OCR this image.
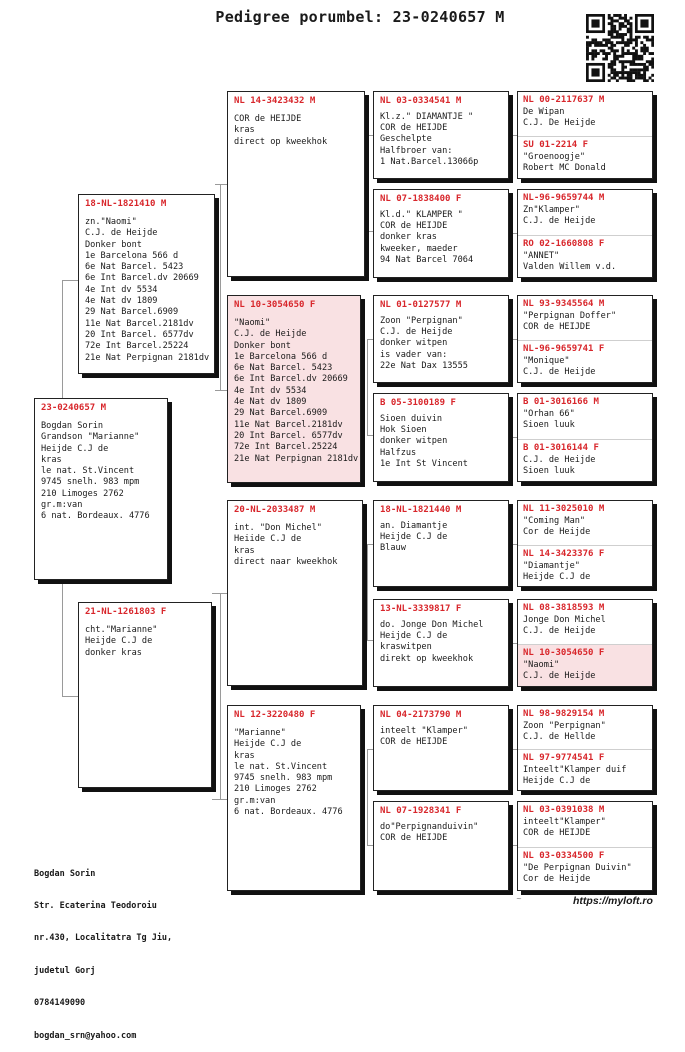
Pedigree porumbel: 23-0240657 M
23-0240657 M
Bogdan Sorin
Grandson "Marianne"
Heijde C.J de
kras
le nat. St.Vincent
9745 snelh. 983 mpm
210 Limoges 2762
gr.m:van
6 nat. Bordeaux. 4776
18-NL-1821410 M
zn."Naomi"
C.J. de Heijde
Donker bont
1e Barcelona 566 d
6e Nat Barcel. 5423
6e Int Barcel.dv 20669
4e Int dv 5534
4e Nat dv 1809
29 Nat Barcel.6909
11e Nat Barcel.2181dv
20 Int Barcel. 6577dv
72e Int Barcel.25224
21e Nat Perpignan 2181dv
21-NL-1261803 F
cht."Marianne"
Heijde C.J de
donker kras
NL 14-3423432 M
COR de HEIJDE
kras
direct op kweekhok
NL 10-3054650 F
"Naomi"
C.J. de Heijde
Donker bont
1e Barcelona 566 d
6e Nat Barcel. 5423
6e Int Barcel.dv 20669
4e Int dv 5534
4e Nat dv 1809
29 Nat Barcel.6909
11e Nat Barcel.2181dv
20 Int Barcel. 6577dv
72e Int Barcel.25224
21e Nat Perpignan 2181dv
20-NL-2033487 M
int. "Don Michel"
Heiide C.J de
kras
direct naar kweekhok
NL 12-3220480 F
"Marianne"
Heijde C.J de
kras
le nat. St.Vincent
9745 snelh. 983 mpm
210 Limoges 2762
gr.m:van
6 nat. Bordeaux. 4776
NL 03-0334541 M
Kl.z." DIAMANTJE "
COR de HEIJDE
Geschelpte
Halfbroer van:
1 Nat.Barcel.13066p
NL 07-1838400 F
Kl.d." KLAMPER "
COR de HEIJDE
donker kras
kweeker, maeder
94 Nat Barcel 7064
NL 01-0127577 M
Zoon "Perpignan"
C.J. de Heijde
donker witpen
is vader van:
22e Nat Dax 13555
B 05-3100189 F
Sioen duivin
Hok Sioen
donker witpen
Halfzus
1e Int St Vincent
18-NL-1821440 M
an. Diamantje
Heijde C.J de
Blauw
13-NL-3339817 F
do. Jonge Don Michel
Heijde C.J de
kraswitpen
direkt op kweekhok
NL 04-2173790 M
inteelt "Klamper"
COR de HEIJDE
NL 07-1928341 F
do"Perpignanduivin"
COR de HEIJDE
NL 00-2117637 M
De Wipan
C.J. De Heijde
SU 01-2214 F
"Groenoogje"
Robert MC Donald
NL-96-9659744 M
Zn"Klamper"
C.J. de Heijde
RO 02-1660808 F
"ANNET"
Valden Willem v.d.
NL 93-9345564 M
"Perpignan Doffer"
COR de HEIJDE
NL-96-9659741 F
"Monique"
C.J. de Heijde
B 01-3016166 M
"Orhan 66"
Sioen luuk
B 01-3016144 F
C.J. de Heijde
Sioen luuk
NL 11-3025010 M
"Coming Man"
Cor de Heijde
NL 14-3423376 F
"Diamantje"
Heijde C.J de
NL 08-3818593 M
Jonge Don Michel
C.J. de Heijde
NL 10-3054650 F
"Naomi"
C.J. de Heijde
NL 98-9829154 M
Zoon "Perpignan"
C.J. de Hellde
NL 97-9774541 F
Inteelt"Klamper duif
Heijde C.J de
NL 03-0391038 M
inteelt"Klamper"
COR de HEIJDE
NL 03-0334500 F
"De Perpignan Duivin"
Cor de Heijde

Bogdan Sorin

Str. Ecaterina Teodoroiu

nr.430, Localitatra Tg Jiu,

judetul Gorj

0784149090

bogdan_srn@yahoo.com

~	https://myloft.ro
